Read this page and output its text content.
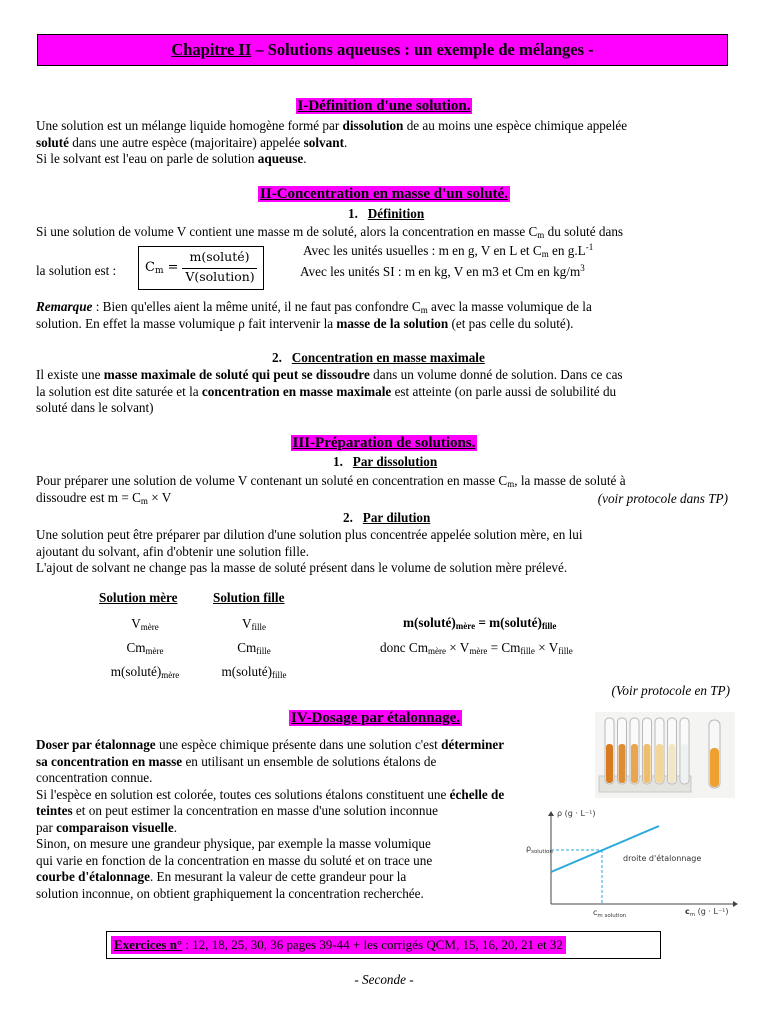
Chapitre II – Solutions aqueuses : un exemple de mélanges -
I-Définition d'une solution.
Une solution est un mélange liquide homogène formé par dissolution de au moins une espèce chimique appelée
soluté dans une autre espèce (majoritaire) appelée solvant.
Si le solvant est l'eau on parle de solution aqueuse.
II-Concentration en masse d'un soluté.
1. Définition
Si une solution de volume V contient une masse m de soluté, alors la concentration en masse $C_m$ du soluté dans
la solution est : $C_m$ =
m(soluté)
V(solution)
Avec les unités usuelles : m en g, V en L et $C_m$ en $g.L^{-1}$
Avec les unités SI : m en kg, V en m3 et Cm en $kg/m^3$
Remarque : Bien qu'elles aient la même unité, il ne faut pas confondre $C_m$ avec la masse volumique de la
solution. En effet la masse volumique ρ fait intervenir la masse de la solution (et pas celle du soluté).
2. Concentration en masse maximale
Il existe une masse maximale de soluté qui peut se dissoudre dans un volume donné de solution. Dans ce cas
la solution est dite saturée et la concentration en masse maximale est atteinte (on parle aussi de solubilité du
soluté dans le solvant)
III-Préparation de solutions.
1. Par dissolution
Pour préparer une solution de volume V contenant un soluté en concentration en masse $C_m$, la masse de soluté à
dissoudre est $m = C_m \times V$	(voir protocole dans TP)
2. Par dilution
Une solution peut être préparer par dilution d'une solution plus concentrée appelée solution mère, en lui
ajoutant du solvant, afin d'obtenir une solution fille.
L'ajout de solvant ne change pas la masse de soluté présent dans le volume de solution mère prélevé.
Solution mère	Solution fille
$V_{mère}$	$V_{fille}$
$Cm_{mère}$	$Cm_{fille}$
$m(soluté)_{mère}$	$m(soluté)_{fille}$
$m(soluté)_{mère}$ = $m(soluté)_{fille}$
donc $Cm_{mère} \times V_{mère} = Cm_{fille} \times V_{fille}$
(Voir protocole en TP)
IV-Dosage par étalonnage.
Doser par étalonnage une espèce chimique présente dans une solution c'est déterminer
sa concentration en masse en utilisant un ensemble de solutions étalons de
concentration connue.
Si l'espèce en solution est colorée, toutes ces solutions étalons constituent une échelle de
teintes et on peut estimer la concentration en masse d'une solution inconnue
par comparaison visuelle.
Sinon, on mesure une grandeur physique, par exemple la masse volumique
qui varie en fonction de la concentration en masse du soluté et on trace une
courbe d'étalonnage. En mesurant la valeur de cette grandeur pour la
solution inconnue, on obtient graphiquement la concentration recherchée.
ρ (g · L⁻¹)
$\rho_{solution}$
droite d'étalonnage
$c_{m solution}$	$c_m$ (g · L⁻¹)
Exercices n° : 12, 18, 25, 30, 36 pages 39-44 + les corrigés QCM, 15, 16, 20, 21 et 32
- Seconde -
